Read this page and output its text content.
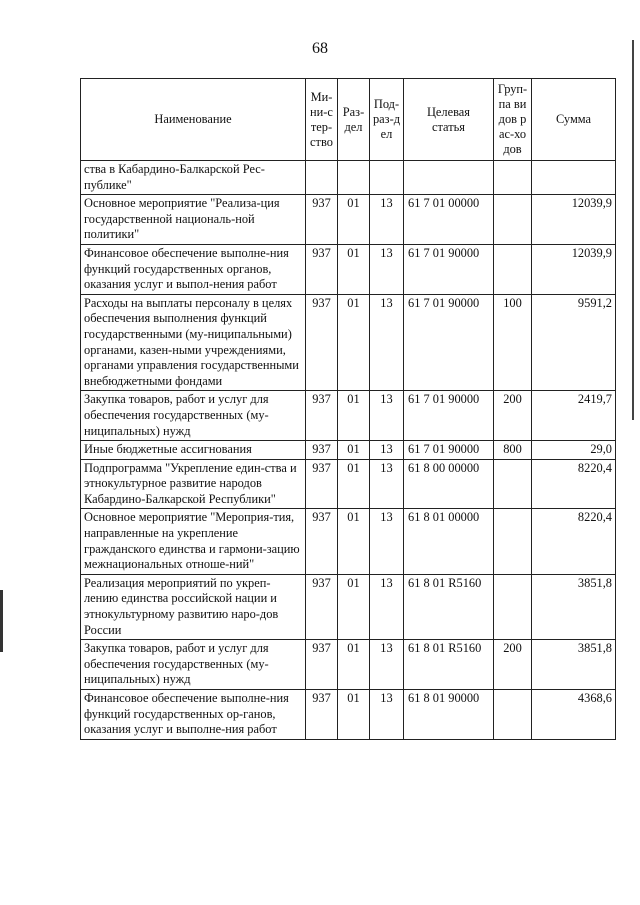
68
Наименование	Ми-ни-стер-ство	Раз-дел	Под-раз-дел	Целевая статья	Груп-па видов рас-ходов	Сумма
ства в Кабардино-Балкарской Рес-публике"						
Основное мероприятие "Реализа-ция государственной националь-ной политики"	937	01	13	61 7 01 00000		12039,9
Финансовое обеспечение выполне-ния функций государственных органов, оказания услуг и выпол-нения работ	937	01	13	61 7 01 90000		12039,9
Расходы на выплаты персоналу в целях обеспечения выполнения функций государственными (му-ниципальными) органами, казен-ными учреждениями, органами управления государственными внебюджетными фондами	937	01	13	61 7 01 90000	100	9591,2
Закупка товаров, работ и услуг для обеспечения государственных (му-ниципальных) нужд	937	01	13	61 7 01 90000	200	2419,7
Иные бюджетные ассигнования	937	01	13	61 7 01 90000	800	29,0
Подпрограмма "Укрепление един-ства и этнокультурное развитие народов Кабардино-Балкарской Республики"	937	01	13	61 8 00 00000		8220,4
Основное мероприятие "Мероприя-тия, направленные на укрепление гражданского единства и гармони-зацию межнациональных отноше-ний"	937	01	13	61 8 01 00000		8220,4
Реализация мероприятий по укреп-лению единства российской нации и этнокультурному развитию наро-дов России	937	01	13	61 8 01 R5160		3851,8
Закупка товаров, работ и услуг для обеспечения государственных (му-ниципальных) нужд	937	01	13	61 8 01 R5160	200	3851,8
Финансовое обеспечение выполне-ния функций государственных ор-ганов, оказания услуг и выполне-ния работ	937	01	13	61 8 01 90000		4368,6
